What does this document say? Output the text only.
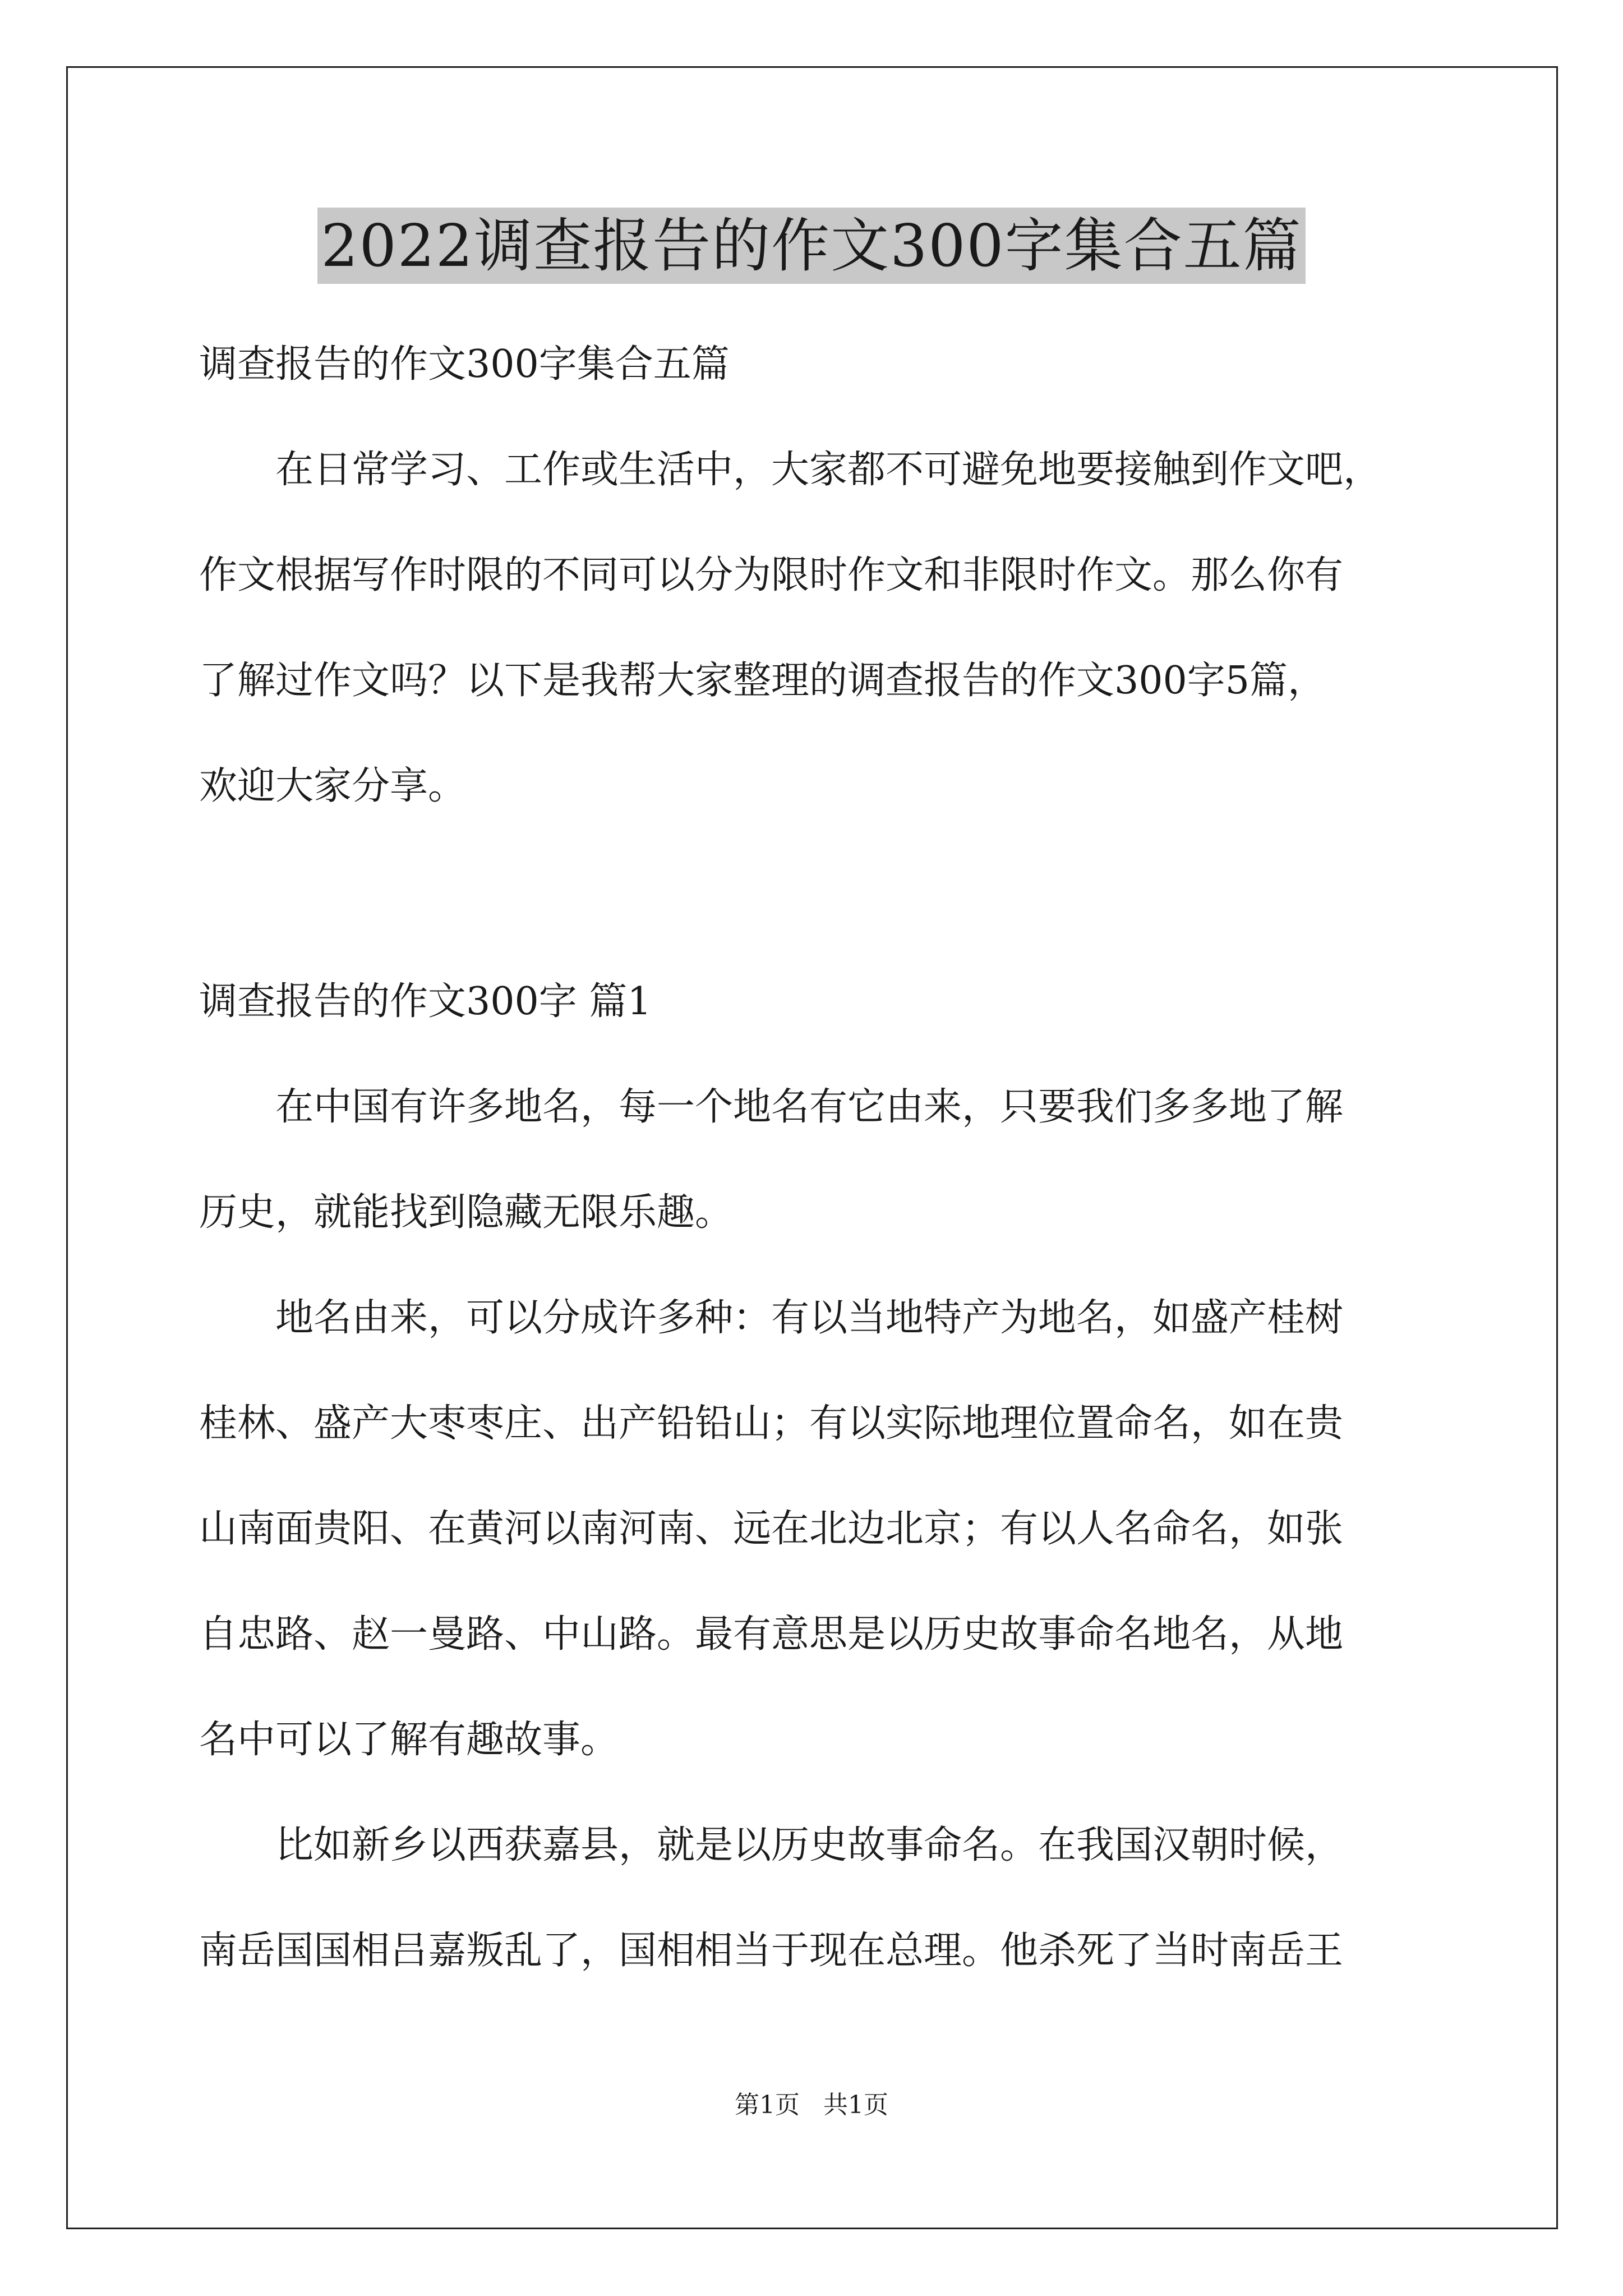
2022调查报告的作文300字集合五篇
调查报告的作文300字集合五篇
　　在日常学习、工作或生活中，大家都不可避免地要接触到作文吧，
作文根据写作时限的不同可以分为限时作文和非限时作文。那么你有
了解过作文吗？以下是我帮大家整理的调查报告的作文300字5篇，
欢迎大家分享。
调查报告的作文300字 篇1
　　在中国有许多地名，每一个地名有它由来，只要我们多多地了解
历史，就能找到隐藏无限乐趣。
　　地名由来，可以分成许多种：有以当地特产为地名，如盛产桂树
桂林、盛产大枣枣庄、出产铅铅山；有以实际地理位置命名，如在贵
山南面贵阳、在黄河以南河南、远在北边北京；有以人名命名，如张
自忠路、赵一曼路、中山路。最有意思是以历史故事命名地名，从地
名中可以了解有趣故事。
　　比如新乡以西获嘉县，就是以历史故事命名。在我国汉朝时候，
南岳国国相吕嘉叛乱了，国相相当于现在总理。他杀死了当时南岳王
第1页   共1页
